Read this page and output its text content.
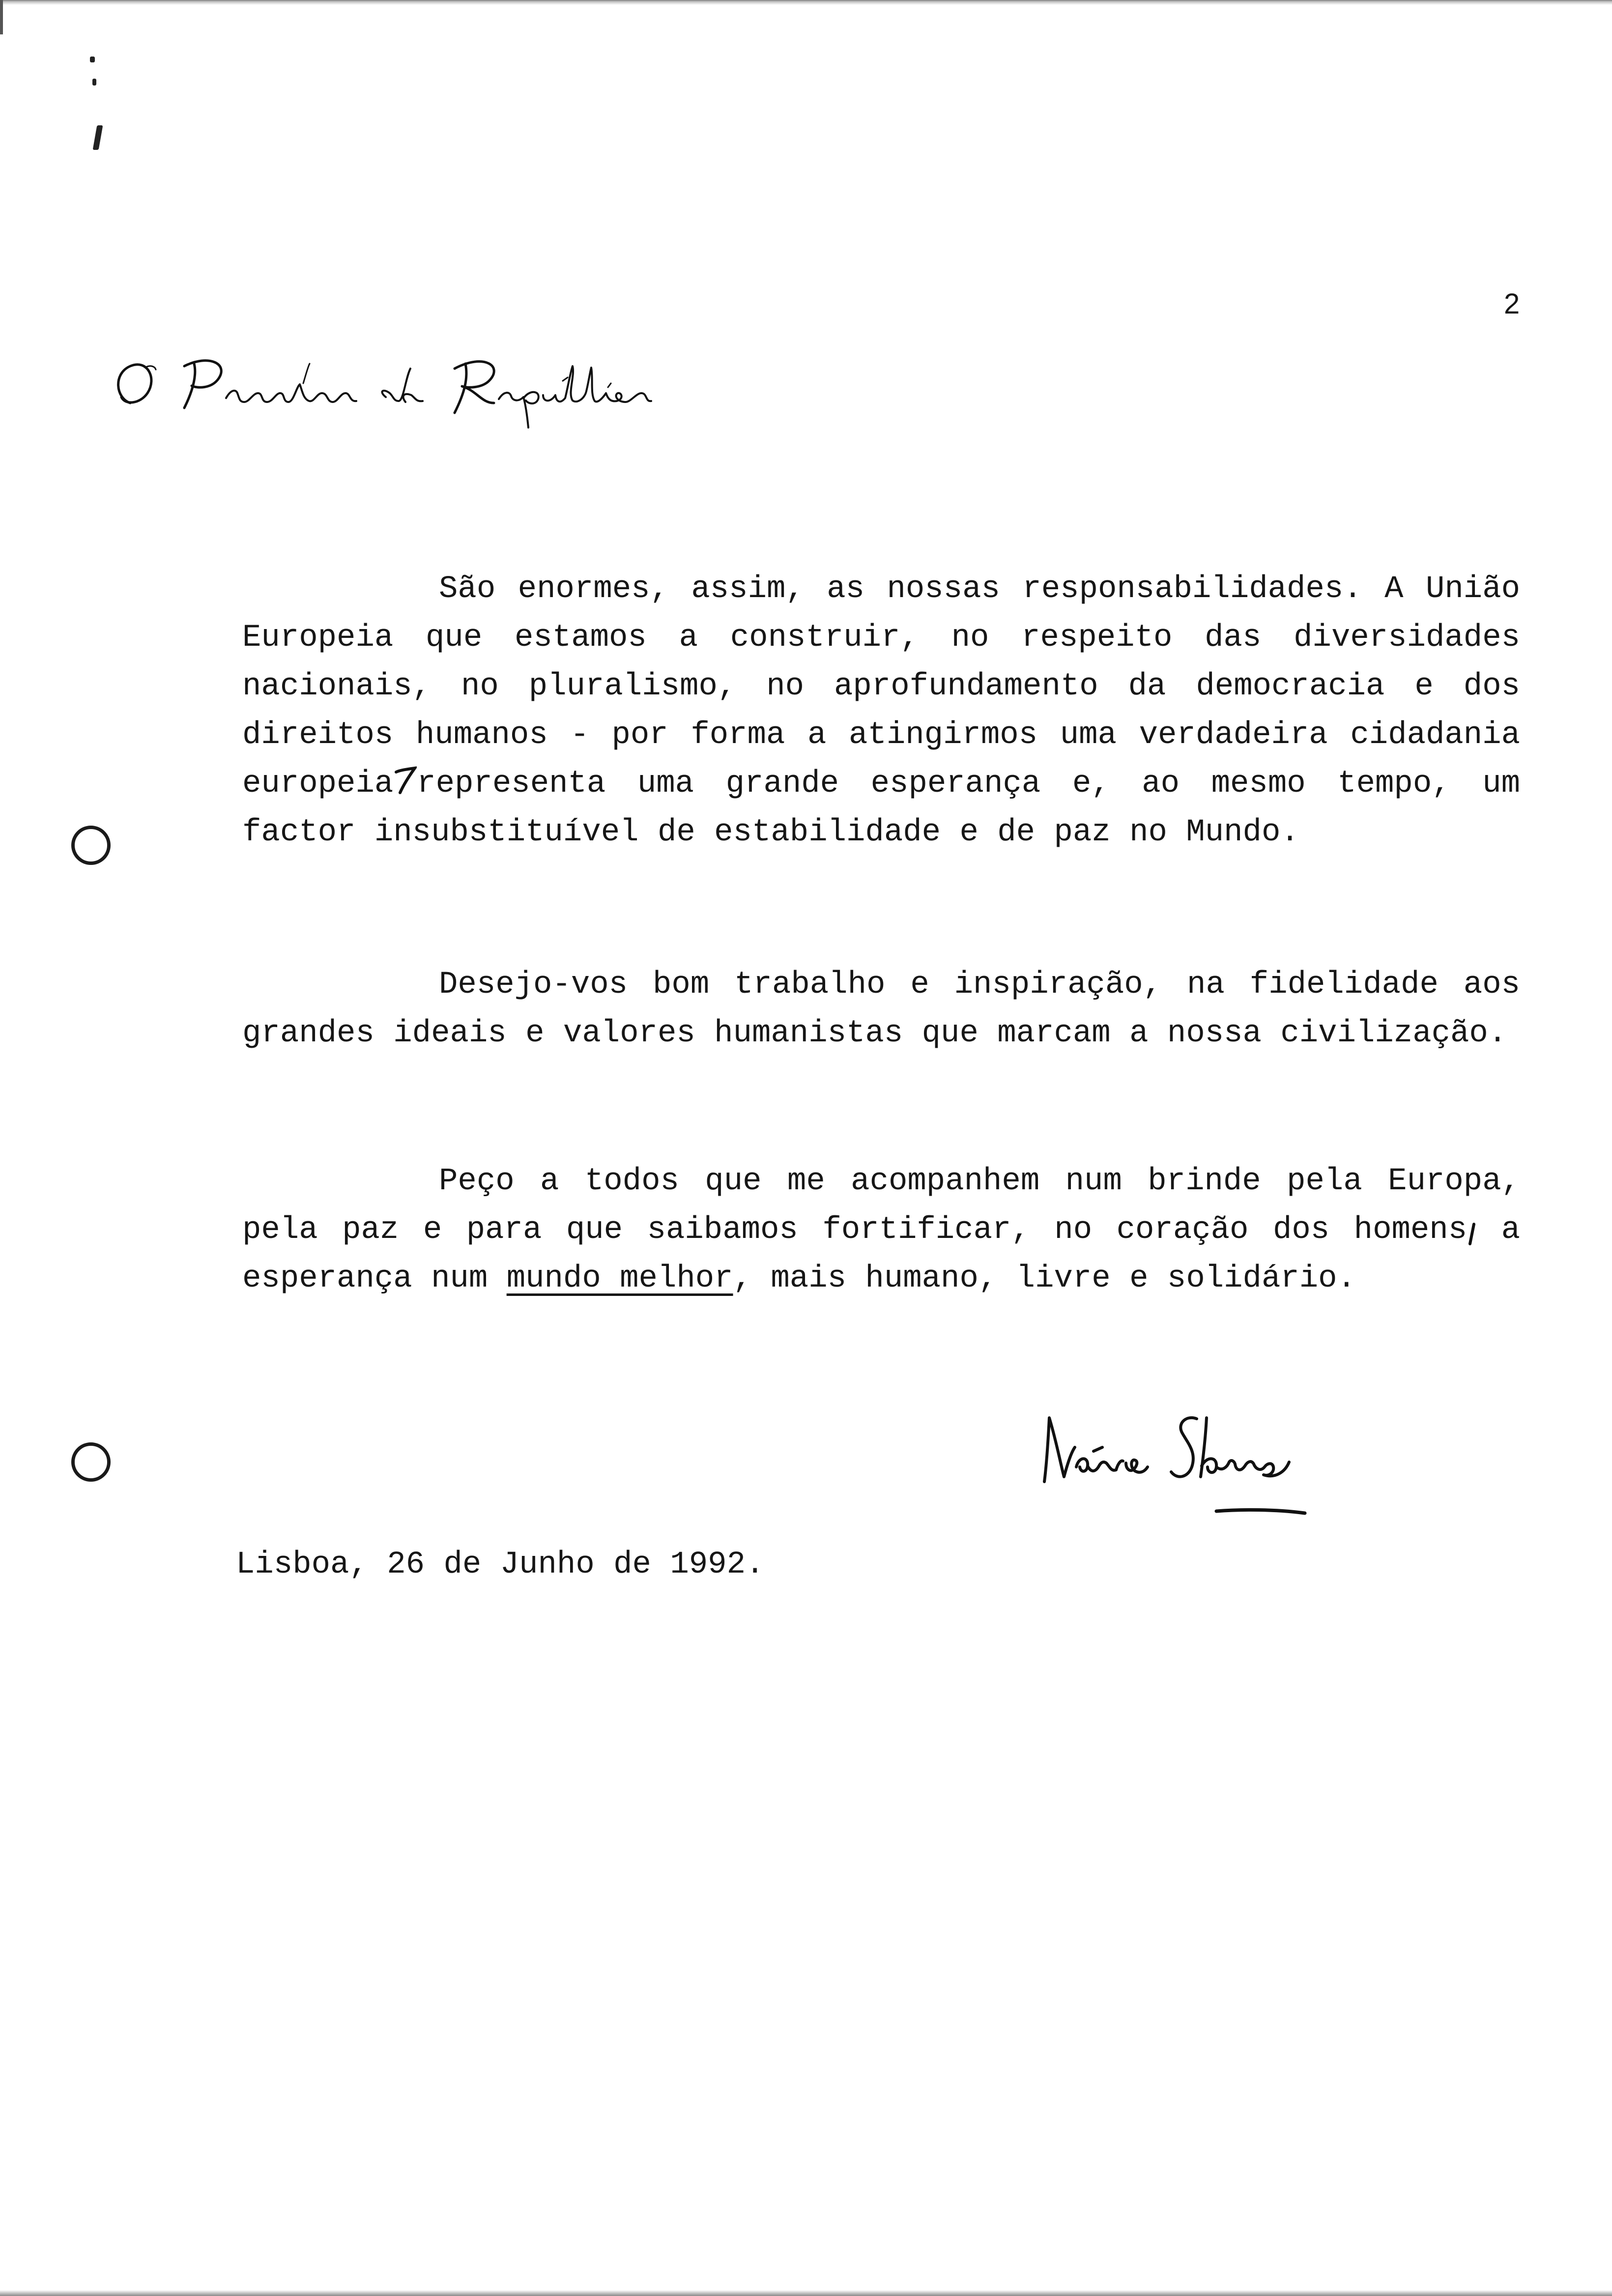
2

São enormes, assim, as nossas responsabilidades. A União Europeia que estamos a construir, no respeito das diversidades nacionais, no pluralismo, no aprofundamento da democracia e dos direitos humanos - por forma a atingirmos uma verdadeira cidadania europeia representa uma grande esperança e, ao mesmo tempo, um factor insubstituível de estabilidade e de paz no Mundo.

Desejo-vos bom trabalho e inspiração, na fidelidade aos grandes ideais e valores humanistas que marcam a nossa civilização.

Peço a todos que me acompanhem num brinde pela Europa, pela paz e para que saibamos fortificar, no coração dos homens a esperança num mundo melhor, mais humano, livre e solidário.

Lisboa, 26 de Junho de 1992.
